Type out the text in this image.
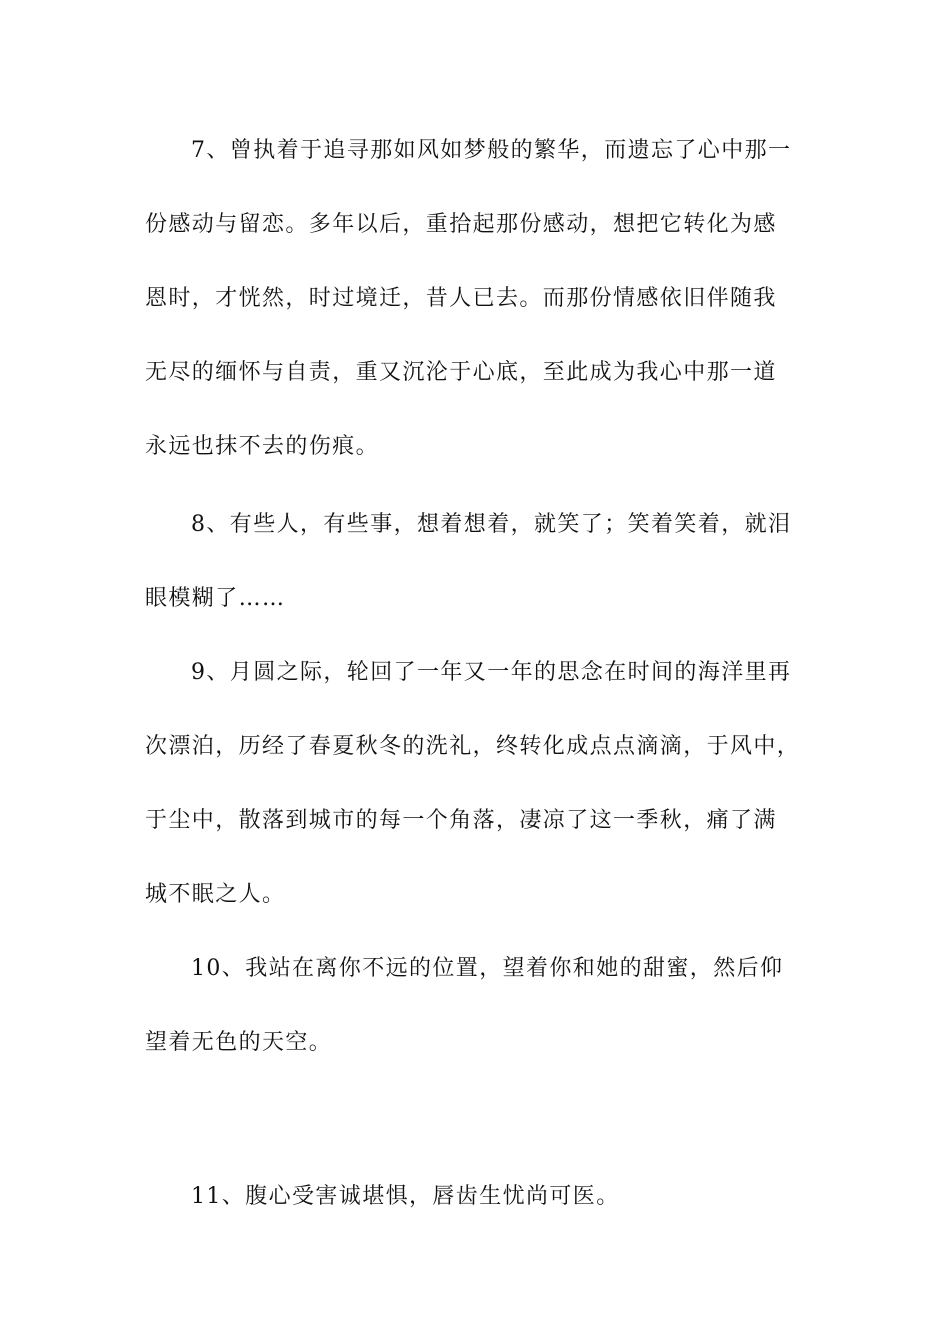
7、曾执着于追寻那如风如梦般的繁华，而遗忘了心中那一
份感动与留恋。多年以后，重拾起那份感动，想把它转化为感
恩时，才恍然，时过境迁，昔人已去。而那份情感依旧伴随我
无尽的缅怀与自责，重又沉沦于心底，至此成为我心中那一道
永远也抹不去的伤痕。
8、有些人，有些事，想着想着，就笑了；笑着笑着，就泪
眼模糊了……
9、月圆之际，轮回了一年又一年的思念在时间的海洋里再
次漂泊，历经了春夏秋冬的洗礼，终转化成点点滴滴，于风中，
于尘中，散落到城市的每一个角落，凄凉了这一季秋，痛了满
城不眠之人。
10、我站在离你不远的位置，望着你和她的甜蜜，然后仰
望着无色的天空。
11、腹心受害诚堪惧，唇齿生忧尚可医。
